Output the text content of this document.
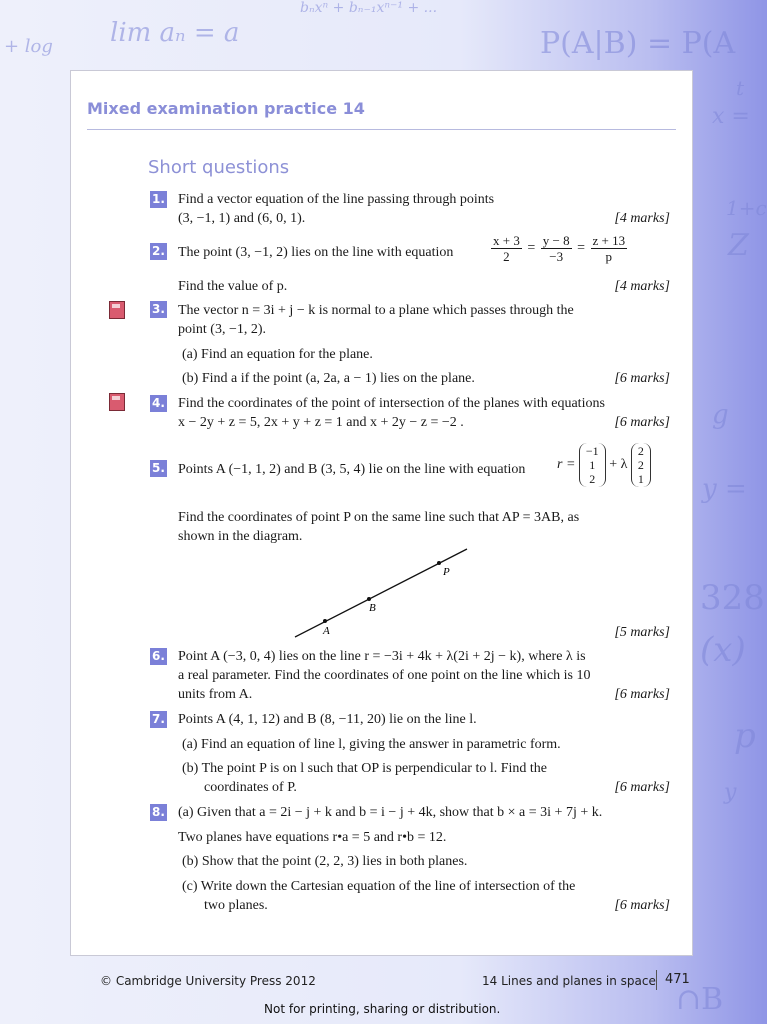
lim aₙ = a
bₙxⁿ + bₙ₋₁xⁿ⁻¹ + ...
P(A|B) = P(A
+ log
t
x =
1+c
Z
g
y =
328
(x)
p
y
∩B
Mixed examination practice 14
Short questions
1. Find a vector equation of the line passing through points
(3, −1, 1) and (6, 0, 1).	[4 marks]
2. The point (3, −1, 2) lies on the line with equation	$\frac{x + 3}{2} = \frac{y - 8}{-3} = \frac{z + 13}{p}$
Find the value of p.	[4 marks]
3. The vector n = 3i + j − k is normal to a plane which passes through the
point (3, −1, 2).
(a) Find an equation for the plane.
(b) Find a if the point (a, 2a, a − 1) lies on the plane.	[6 marks]
4. Find the coordinates of the point of intersection of the planes with equations
x − 2y + z = 5, 2x + y + z = 1 and x + 2y − z = −2 .	[6 marks]
5. Points A (−1, 1, 2) and B (3, 5, 4) lie on the line with equation r =
−1
1
2
+ λ
2
2
1
Find the coordinates of point P on the same line such that AP = 3AB, as
shown in the diagram.
A
B
P
[5 marks]
6. Point A (−3, 0, 4) lies on the line r = −3i + 4k + λ(2i + 2j − k), where λ is
a real parameter. Find the coordinates of one point on the line which is 10
units from A.	[6 marks]
7. Points A (4, 1, 12) and B (8, −11, 20) lie on the line l.
(a) Find an equation of line l, giving the answer in parametric form.
(b) The point P is on l such that OP is perpendicular to l. Find the
coordinates of P.	[6 marks]
8. (a) Given that a = 2i − j + k and b = i − j + 4k, show that b × a = 3i + 7j + k.
Two planes have equations r•a = 5 and r•b = 12.
(b) Show that the point (2, 2, 3) lies in both planes.
(c) Write down the Cartesian equation of the line of intersection of the
two planes.	[6 marks]
© Cambridge University Press 2012	14 Lines and planes in space 471
Not for printing, sharing or distribution.
